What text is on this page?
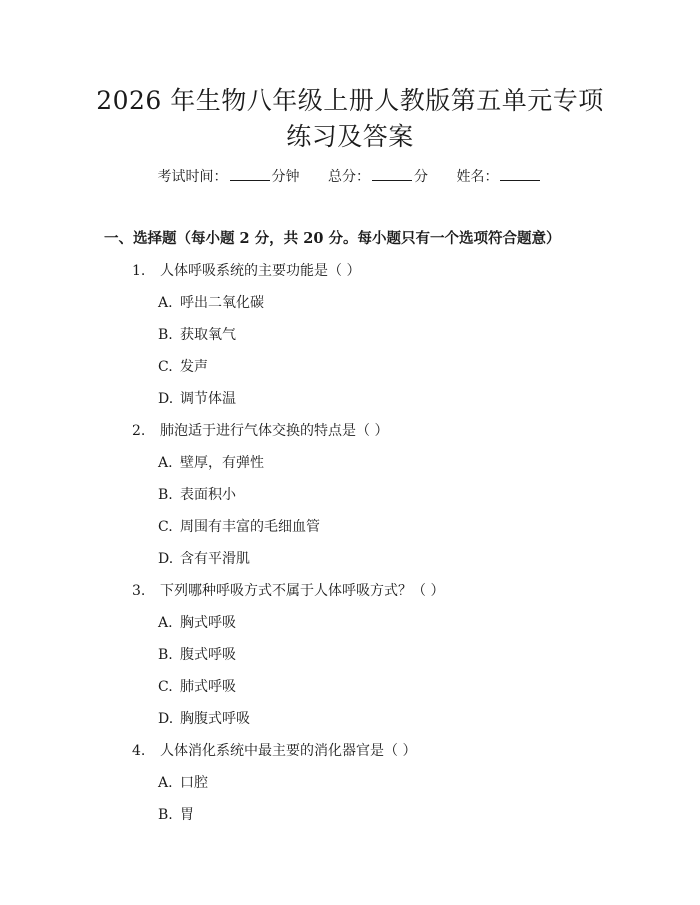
2026 年生物八年级上册人教版第五单元专项
练习及答案
考试时间：	分钟 总分：	分 姓名：
一、选择题（每小题 2 分，共 20 分。每小题只有一个选项符合题意）
1. 人体呼吸系统的主要功能是（ ）
A. 呼出二氧化碳
B. 获取氧气
C. 发声
D. 调节体温
2. 肺泡适于进行气体交换的特点是（ ）
A. 壁厚，有弹性
B. 表面积小
C. 周围有丰富的毛细血管
D. 含有平滑肌
3. 下列哪种呼吸方式不属于人体呼吸方式？（ ）
A. 胸式呼吸
B. 腹式呼吸
C. 肺式呼吸
D. 胸腹式呼吸
4. 人体消化系统中最主要的消化器官是（ ）
A. 口腔
B. 胃
